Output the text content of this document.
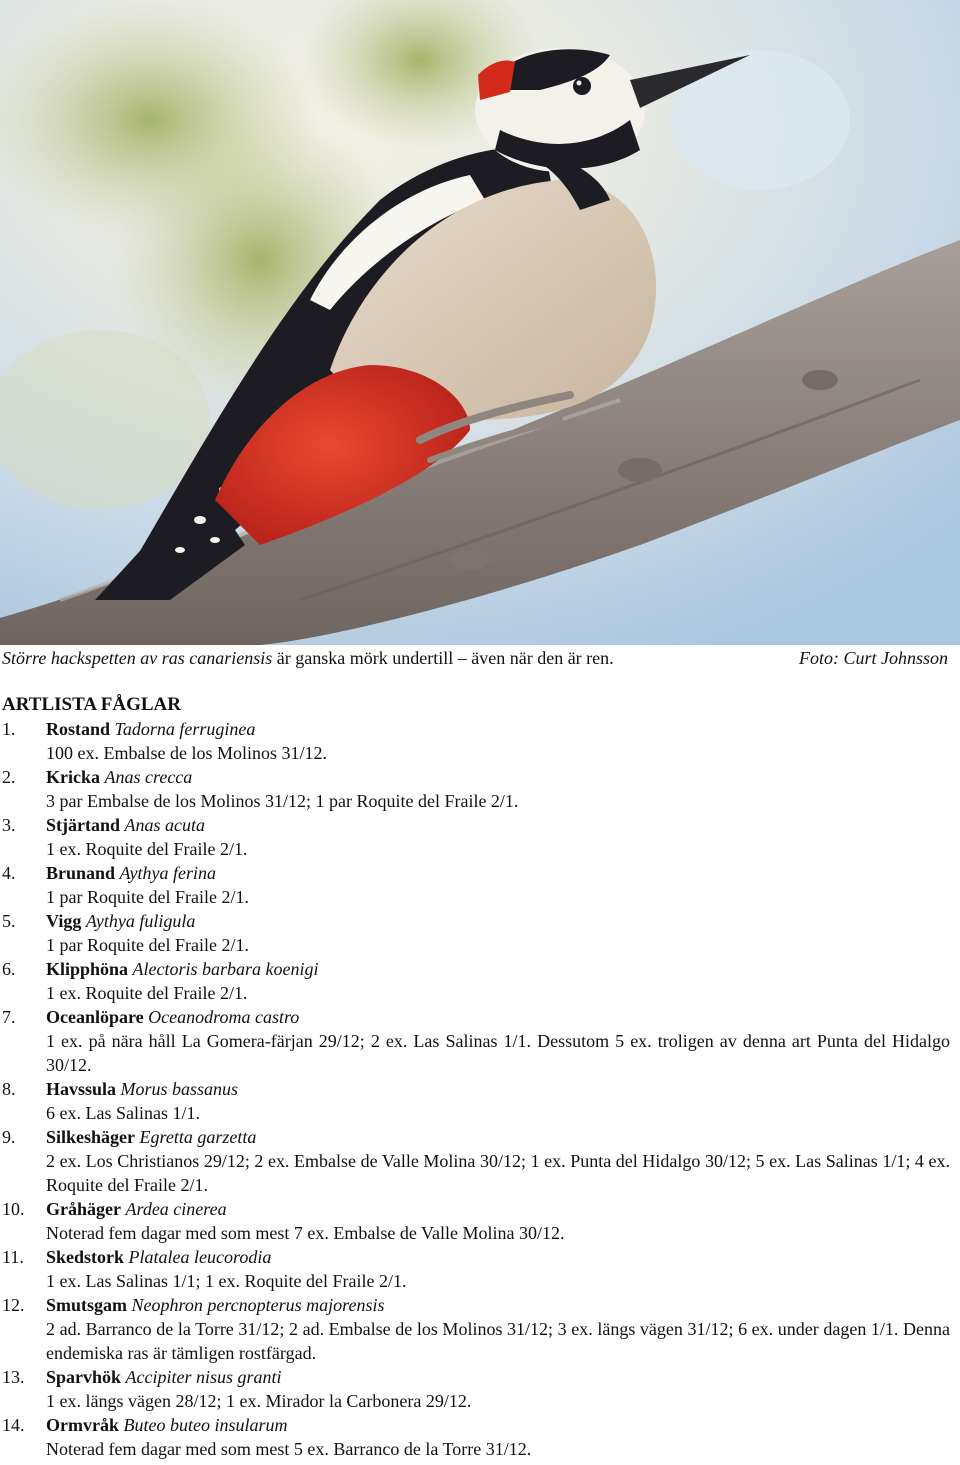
Större hackspetten av ras canariensis är ganska mörk undertill – även när den är ren.	Foto: Curt Johnsson
ARTLISTA FÅGLAR
1.	Rostand Tadorna ferruginea
100 ex. Embalse de los Molinos 31/12.
2.	Kricka Anas crecca
3 par Embalse de los Molinos 31/12; 1 par Roquite del Fraile 2/1.
3.	Stjärtand Anas acuta
1 ex. Roquite del Fraile 2/1.
4.	Brunand Aythya ferina
1 par Roquite del Fraile 2/1.
5.	Vigg Aythya fuligula
1 par Roquite del Fraile 2/1.
6.	Klipphöna Alectoris barbara koenigi
1 ex. Roquite del Fraile 2/1.
7.	Oceanlöpare Oceanodroma castro
1 ex. på nära håll La Gomera-färjan 29/12; 2 ex. Las Salinas 1/1. Dessutom 5 ex. troligen av denna art Punta del Hidalgo 30/12.
8.	Havssula Morus bassanus
6 ex. Las Salinas 1/1.
9.	Silkeshäger Egretta garzetta
2 ex. Los Christianos 29/12; 2 ex. Embalse de Valle Molina 30/12; 1 ex. Punta del Hidalgo 30/12; 5 ex. Las Salinas 1/1; 4 ex. Roquite del Fraile 2/1.
10.	Gråhäger Ardea cinerea
Noterad fem dagar med som mest 7 ex. Embalse de Valle Molina 30/12.
11.	Skedstork Platalea leucorodia
1 ex. Las Salinas 1/1; 1 ex. Roquite del Fraile 2/1.
12.	Smutsgam Neophron percnopterus majorensis
2 ad. Barranco de la Torre 31/12; 2 ad. Embalse de los Molinos 31/12; 3 ex. längs vägen 31/12; 6 ex. under dagen 1/1. Denna endemiska ras är tämligen rostfärgad.
13.	Sparvhök Accipiter nisus granti
1 ex. längs vägen 28/12; 1 ex. Mirador la Carbonera 29/12.
14.	Ormvråk Buteo buteo insularum
Noterad fem dagar med som mest 5 ex. Barranco de la Torre 31/12.
